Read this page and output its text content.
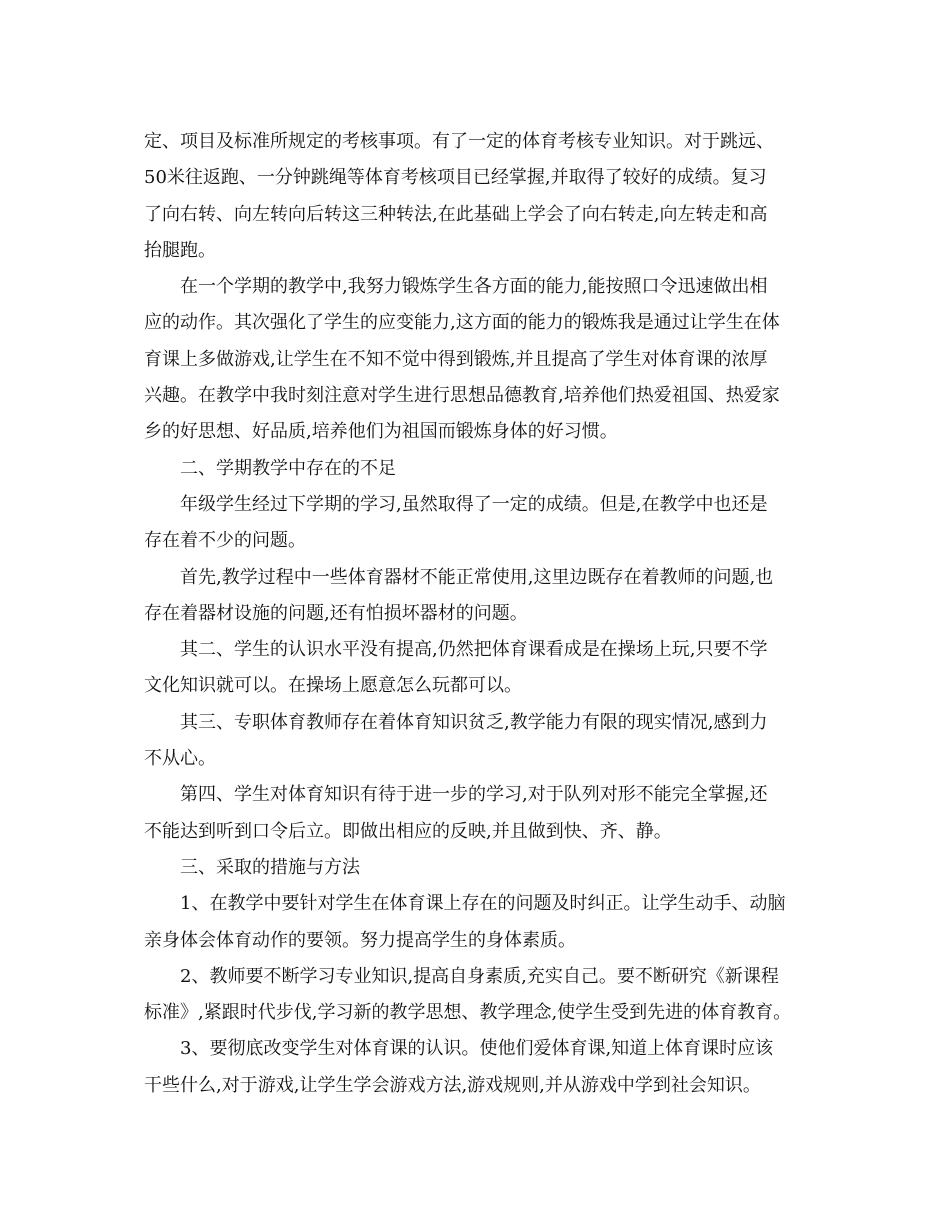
定、项目及标准所规定的考核事项。有了一定的体育考核专业知识。对于跳远、
50米往返跑、一分钟跳绳等体育考核项目已经掌握,并取得了较好的成绩。复习
了向右转、向左转向后转这三种转法,在此基础上学会了向右转走,向左转走和高
抬腿跑。
在一个学期的教学中,我努力锻炼学生各方面的能力,能按照口令迅速做出相
应的动作。其次强化了学生的应变能力,这方面的能力的锻炼我是通过让学生在体
育课上多做游戏,让学生在不知不觉中得到锻炼,并且提高了学生对体育课的浓厚
兴趣。在教学中我时刻注意对学生进行思想品德教育,培养他们热爱祖国、热爱家
乡的好思想、好品质,培养他们为祖国而锻炼身体的好习惯。
二、学期教学中存在的不足
年级学生经过下学期的学习,虽然取得了一定的成绩。但是,在教学中也还是
存在着不少的问题。
首先,教学过程中一些体育器材不能正常使用,这里边既存在着教师的问题,也
存在着器材设施的问题,还有怕损坏器材的问题。
其二、学生的认识水平没有提高,仍然把体育课看成是在操场上玩,只要不学
文化知识就可以。在操场上愿意怎么玩都可以。
其三、专职体育教师存在着体育知识贫乏,教学能力有限的现实情况,感到力
不从心。
第四、学生对体育知识有待于进一步的学习,对于队列对形不能完全掌握,还
不能达到听到口令后立。即做出相应的反映,并且做到快、齐、静。
三、采取的措施与方法
1、在教学中要针对学生在体育课上存在的问题及时纠正。让学生动手、动脑
亲身体会体育动作的要领。努力提高学生的身体素质。
2、教师要不断学习专业知识,提高自身素质,充实自己。要不断研究《新课程
标准》,紧跟时代步伐,学习新的教学思想、教学理念,使学生受到先进的体育教育。
3、要彻底改变学生对体育课的认识。使他们爱体育课,知道上体育课时应该
干些什么,对于游戏,让学生学会游戏方法,游戏规则,并从游戏中学到社会知识。
